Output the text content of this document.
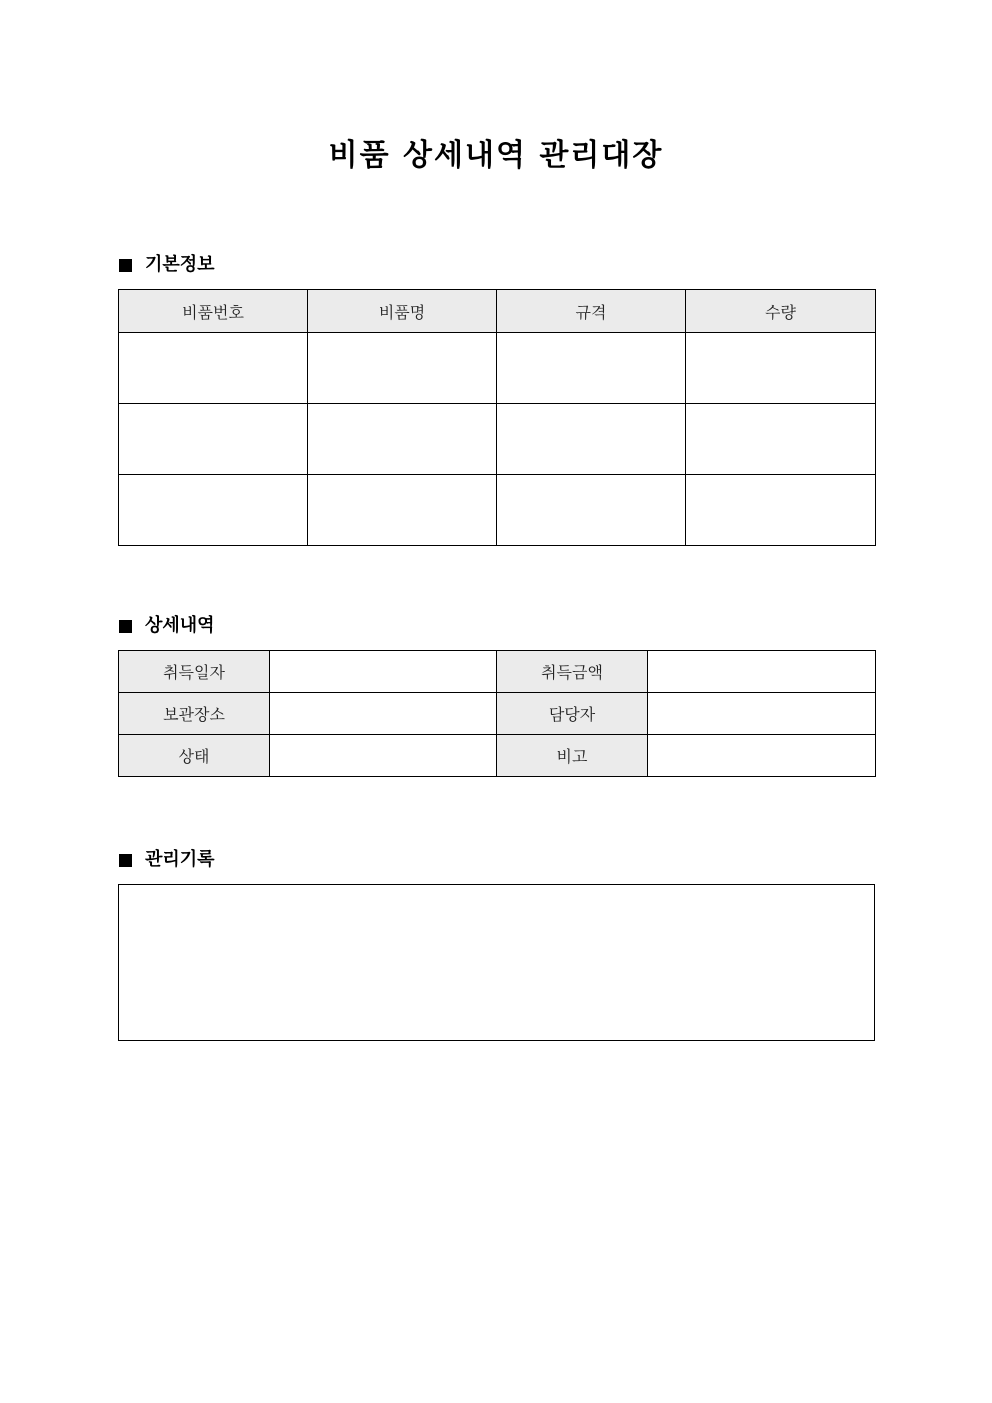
비품 상세내역 관리대장
기본정보
비품번호	비품명	규격	수량

상세내역
취득일자		취득금액	
보관장소		담당자	
상태		비고	
관리기록
